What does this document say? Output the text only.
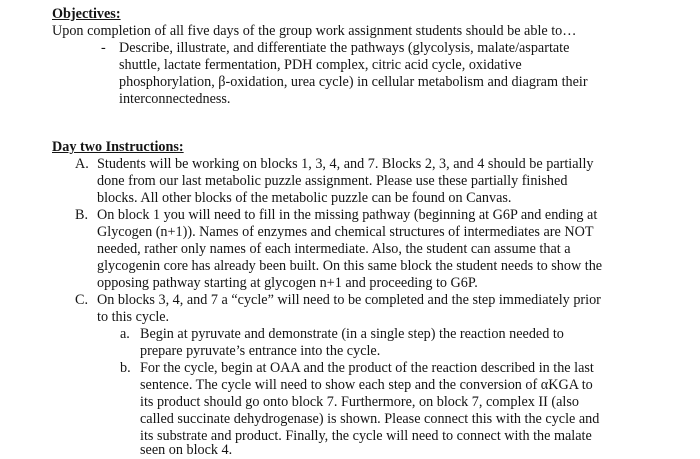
Objectives:
Upon completion of all five days of the group work assignment students should be able to…
- Describe, illustrate, and differentiate the pathways (glycolysis, malate/aspartate
shuttle, lactate fermentation, PDH complex, citric acid cycle, oxidative
phosphorylation, β-oxidation, urea cycle) in cellular metabolism and diagram their
interconnectedness.
Day two Instructions:
A. Students will be working on blocks 1, 3, 4, and 7. Blocks 2, 3, and 4 should be partially
done from our last metabolic puzzle assignment. Please use these partially finished
blocks. All other blocks of the metabolic puzzle can be found on Canvas.
B. On block 1 you will need to fill in the missing pathway (beginning at G6P and ending at
Glycogen (n+1)). Names of enzymes and chemical structures of intermediates are NOT
needed, rather only names of each intermediate. Also, the student can assume that a
glycogenin core has already been built. On this same block the student needs to show the
opposing pathway starting at glycogen n+1 and proceeding to G6P.
C. On blocks 3, 4, and 7 a “cycle” will need to be completed and the step immediately prior
to this cycle.
a. Begin at pyruvate and demonstrate (in a single step) the reaction needed to
prepare pyruvate’s entrance into the cycle.
b. For the cycle, begin at OAA and the product of the reaction described in the last
sentence. The cycle will need to show each step and the conversion of αKGA to
its product should go onto block 7. Furthermore, on block 7, complex II (also
called succinate dehydrogenase) is shown. Please connect this with the cycle and
its substrate and product. Finally, the cycle will need to connect with the malate
seen on block 4.
